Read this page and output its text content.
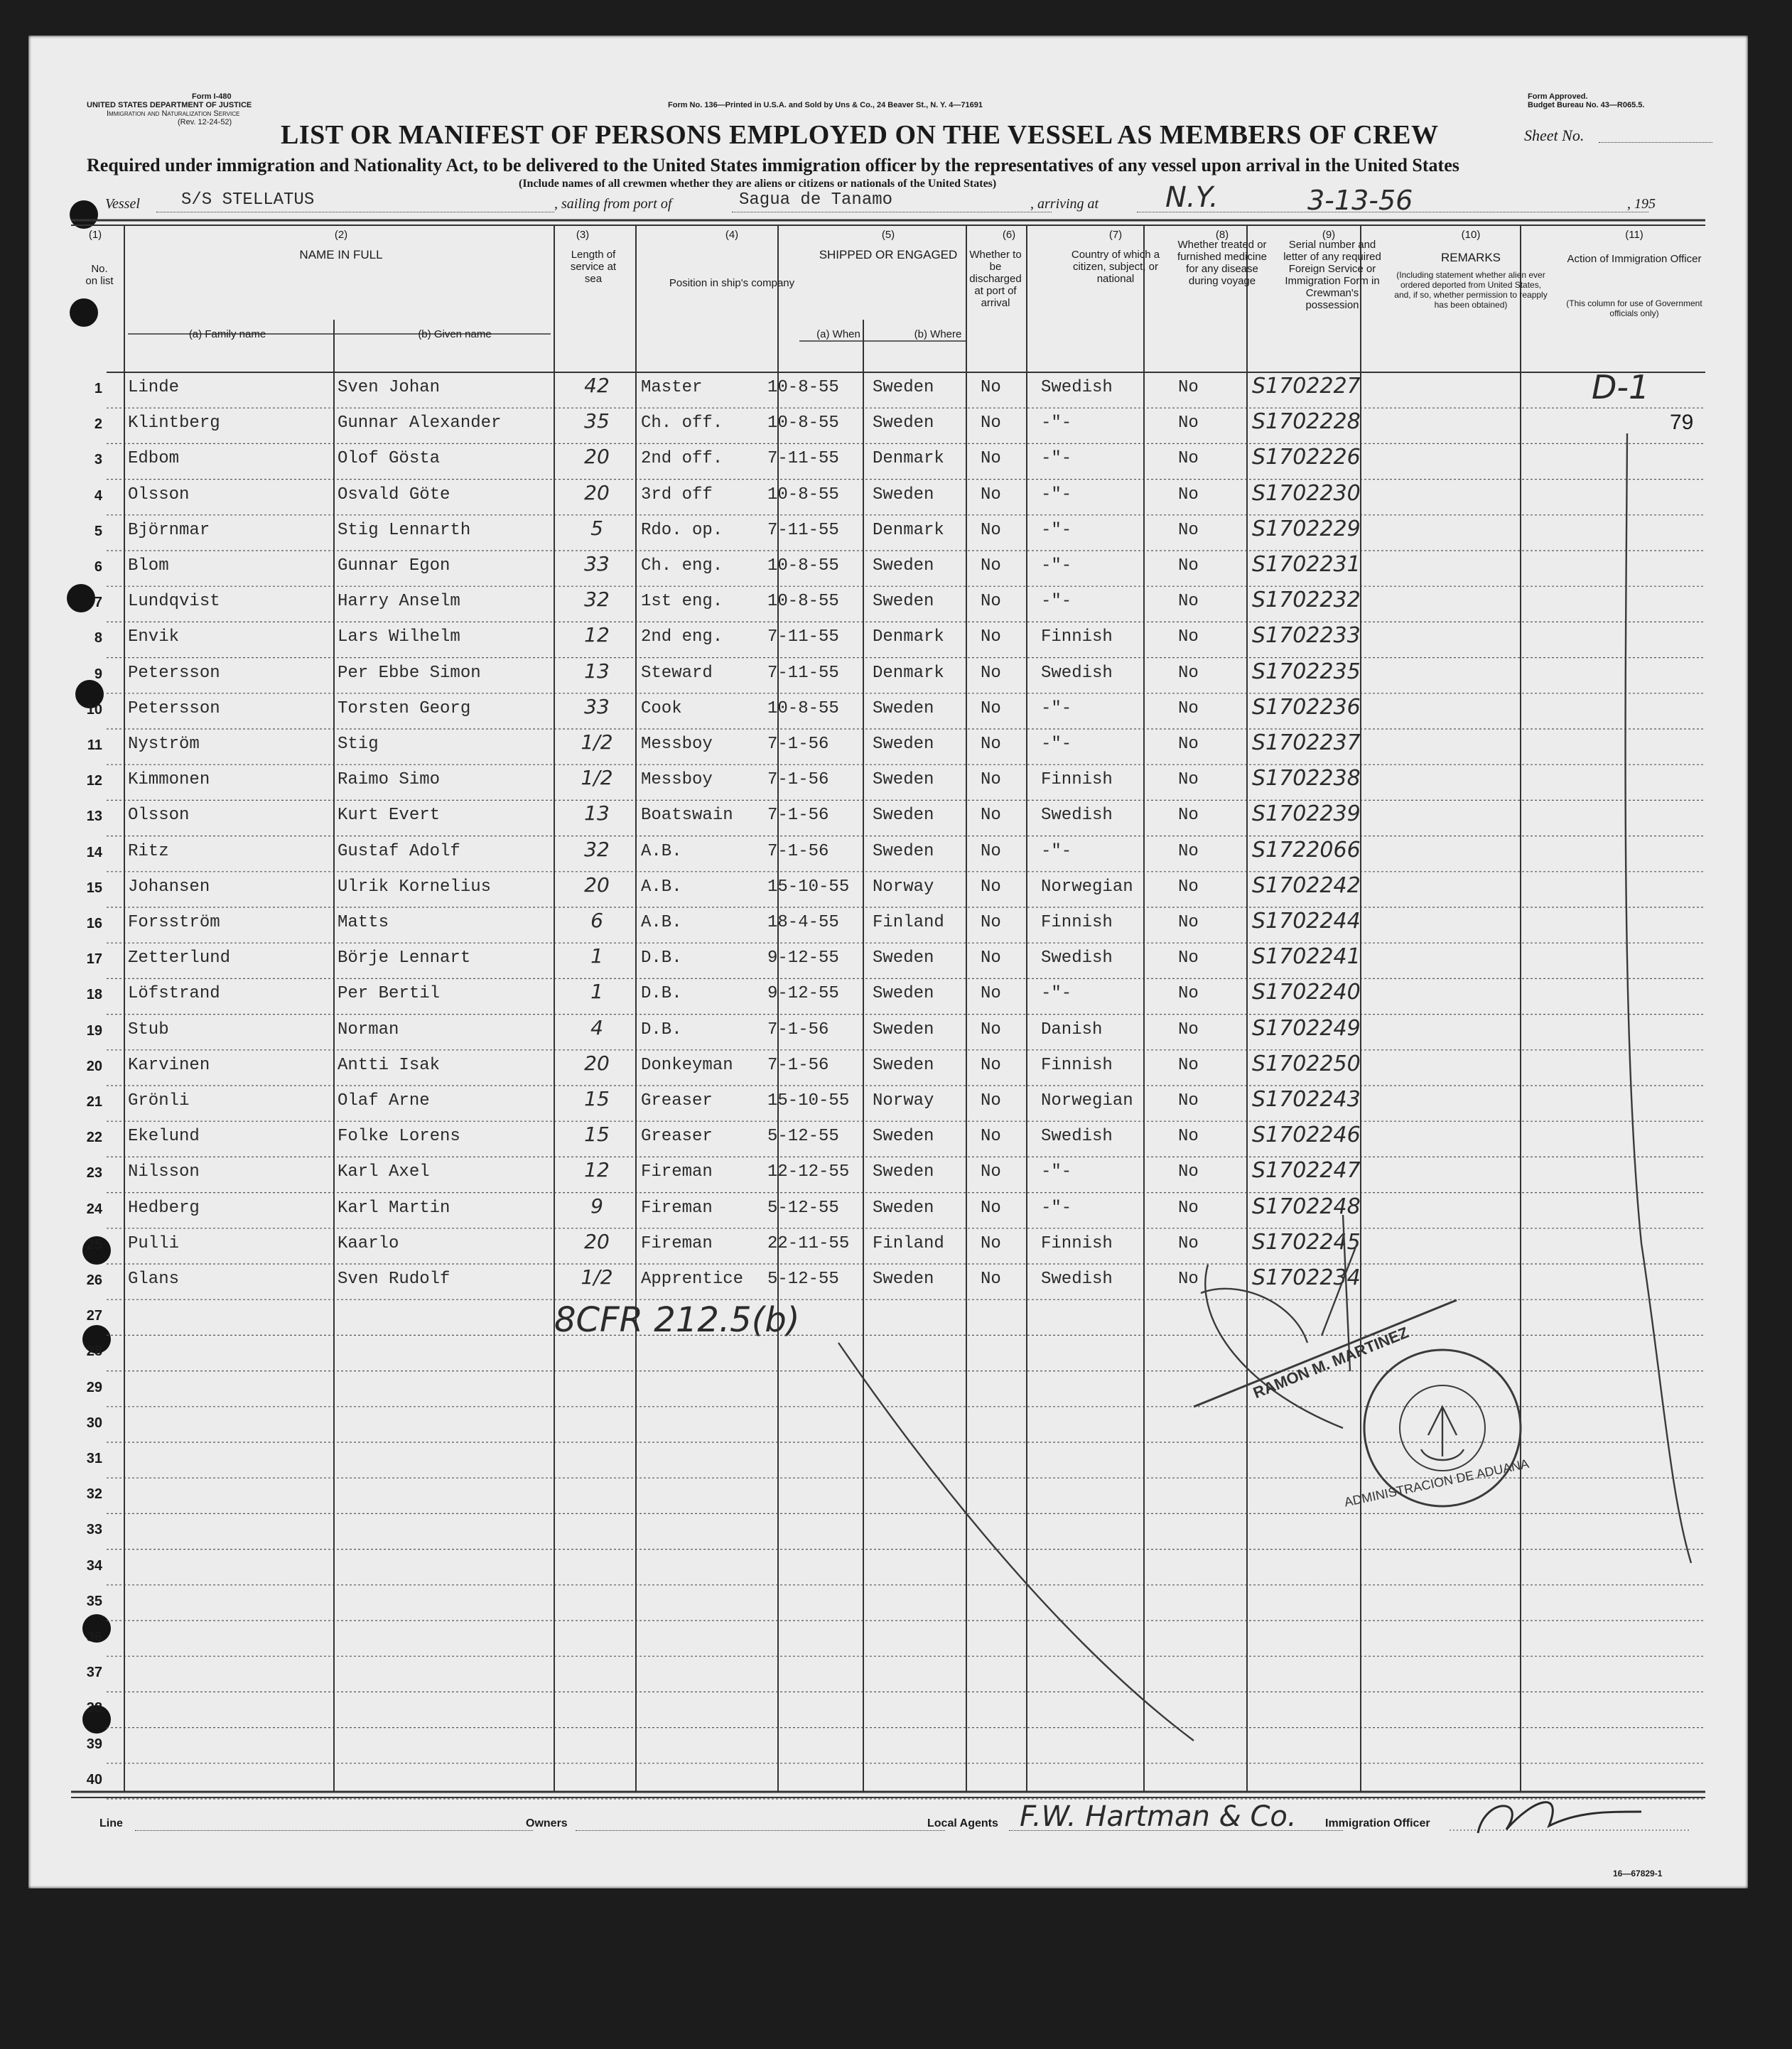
Form I-480
UNITED STATES DEPARTMENT OF JUSTICE
Immigration and Naturalization Service
(Rev. 12-24-52)
Form No. 136—Printed in U.S.A. and Sold by Uns & Co., 24 Beaver St., N. Y. 4—71691
Form Approved.
Budget Bureau No. 43—R065.5.
LIST OR MANIFEST OF PERSONS EMPLOYED ON THE VESSEL AS MEMBERS OF CREW	Sheet No.
Required under immigration and Nationality Act, to be delivered to the United States immigration officer by the representatives of any vessel upon arrival in the United States
(Include names of all crewmen whether they are aliens or citizens or nationals of the United States)
Vessel S/S STELLATUS	, sailing from port of	Sagua de Tanamo	, arriving at N.Y.	3-13-56	, 195
(1)
No. on list
(2)
NAME IN FULL
(a) Family name	(b) Given name
(3)
Length of service at sea
(4)
Position in ship's company
(5)
SHIPPED OR ENGAGED
(a) When	(b) Where
(6)
Whether to be discharged at port of arrival
(7)
Country of which a citizen, subject, or national
(8)
Whether treated or furnished medicine for any disease during voyage
(9)
Serial number and letter of any required Foreign Service or Immigration Form in Crewman's possession
(10)
REMARKS
(Including statement whether alien ever ordered deported from United States, and, if so, whether permission to reapply has been obtained)
(11)
Action of Immigration Officer
(This column for use of Government officials only)
1 Linde	Sven Johan	42	Master	10-8-55 Sweden	No Swedish	No	S1702227
2 Klintberg	Gunnar Alexander	35	Ch. off.	10-8-55 Sweden	No -"-	No	S1702228
3 Edbom	Olof Gösta	20	2nd off.	7-11-55 Denmark No -"-	No	S1702226
4 Olsson	Osvald Göte	20	3rd off	10-8-55 Sweden	No -"-	No	S1702230
5 Björnmar	Stig Lennarth	5	Rdo. op.	7-11-55 Denmark No -"-	No	S1702229
6 Blom	Gunnar Egon	33	Ch. eng.	10-8-55 Sweden	No -"-	No	S1702231
7 Lundqvist	Harry Anselm	32	1st eng.	10-8-55 Sweden	No -"-	No	S1702232
8 Envik	Lars Wilhelm	12	2nd eng.	7-11-55 Denmark No Finnish	No	S1702233
9 Petersson	Per Ebbe Simon	13	Steward	7-11-55 Denmark No Swedish	No	S1702235
10 Petersson	Torsten Georg	33	Cook	10-8-55 Sweden	No -"-	No	S1702236
11 Nyström	Stig	1/2	Messboy	7-1-56	Sweden	No -"-	No	S1702237
12 Kimmonen	Raimo Simo	1/2	Messboy	7-1-56	Sweden	No Finnish	No	S1702238
13 Olsson	Kurt Evert	13	Boatswain 7-1-56	Sweden	No Swedish	No	S1702239
14 Ritz	Gustaf Adolf	32	A.B.	7-1-56	Sweden	No -"-	No	S1722066
15 Johansen	Ulrik Kornelius	20	A.B.	15-10-55 Norway	No Norwegian	No	S1702242
16 Forsström	Matts	6	A.B.	18-4-55 Finland No Finnish	No	S1702244
17 Zetterlund	Börje Lennart	1	D.B.	9-12-55 Sweden	No Swedish	No	S1702241
18 Löfstrand	Per Bertil	1	D.B.	9-12-55 Sweden	No -"-	No	S1702240
19 Stub	Norman	4	D.B.	7-1-56	Sweden	No Danish	No	S1702249
20 Karvinen	Antti Isak	20	Donkeyman 7-1-56	Sweden	No Finnish	No	S1702250
21 Grönli	Olaf Arne	15	Greaser	15-10-55 Norway	No Norwegian	No	S1702243
22 Ekelund	Folke Lorens	15	Greaser	5-12-55 Sweden	No Swedish	No	S1702246
23 Nilsson	Karl Axel	12	Fireman	12-12-55 Sweden	No -"-	No	S1702247
24 Hedberg	Karl Martin	9	Fireman	5-12-55 Sweden	No -"-	No	S1702248
25 Pulli	Kaarlo	20	Fireman	22-11-55 Finland No Finnish	No	S1702245
26 Glans	Sven Rudolf	1/2	Apprentice 5-12-55 Sweden	No Swedish	No	S1702234
27
28
29
30
31
32
33
34
35
36
37
38
39
40
D-1
79
8CFR 212.5(b)
RAMON M. MARTINEZ
ADMINISTRACION DE ADUANA
Line	Owners	Local Agents F.W. Hartman & Co.	Immigration Officer
16—67829-1
